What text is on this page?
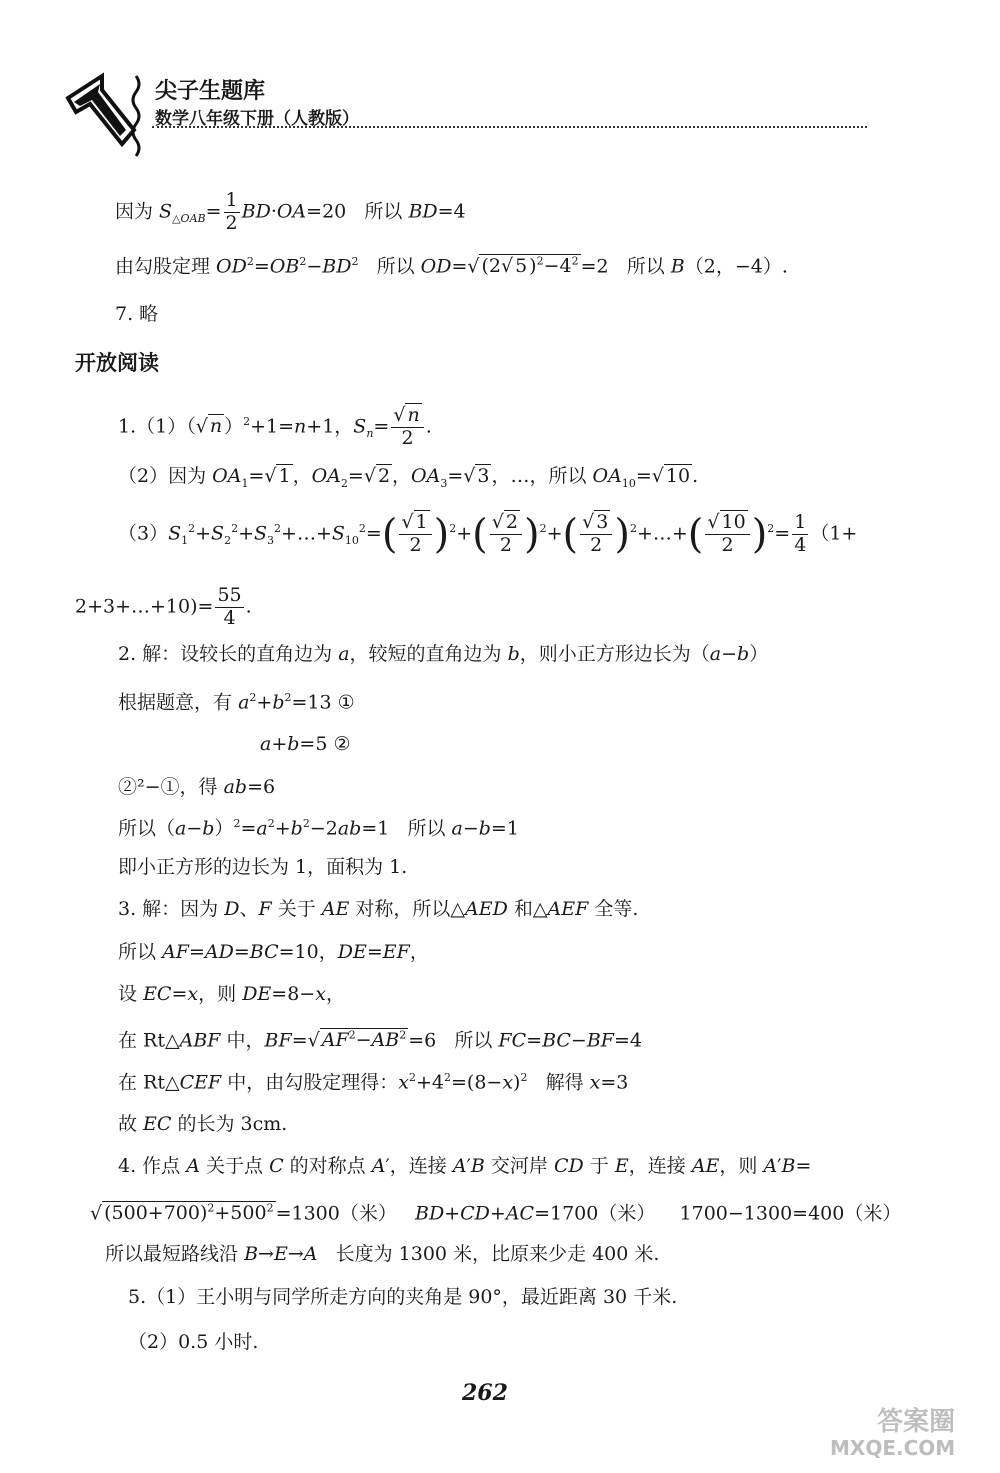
尖子生题库
数学八年级下册（人教版）
因为 $S_{\triangle OAB}= \frac{1}{2} BD\cdot OA=20$   所以 BD=4
由勾股定理 $OD^2=OB^2-BD^2$   所以 OD=√ (2√ 5 )$^2-4^2 =2$   所以 B（2，−4）.
7. 略
开放阅读
1.（1）（√ n ）$^2$+1=n+1，$S_n= \frac{√ n}{2}$ .
（2）因为 $OA_1=√$ 1 ，$OA_2=√$ 2 ，$OA_3=√$ 3 ，…，所以 $OA_{10}=√$ 10 .
$(3)S_1^2+S_2^2+S_3^2+\dots+S_{10}^2=( \frac{√ 1}{2} )^2+( \frac{√ 2}{2} )^2+( \frac{√ 3}{2}$ )$^2+\dots+( \frac{√ 10}{2} )^2= \frac{1}{4} (1+$
2+3+…+10)= $\frac{55}{4}$ .
2. 解：设较长的直角边为 a，较短的直角边为 b，则小正方形边长为（a−b）
根据题意，有 $a^2+b^2=13$ ①
a+b=5 ②
②²−①，得 ab=6
所以$(a-b)^2=a^2+b^2-2ab=1$   所以 a−b=1
即小正方形的边长为 1，面积为 1.
3. 解：因为 D、F 关于 AE 对称，所以△AED 和△AEF 全等.
所以 AF=AD=BC=10，DE=EF，
设 EC=x，则 DE=8−x，
在 Rt△ABF 中，BF=√ $AF^2-AB^2 =6$   所以 FC=BC−BF=4
在 Rt△CEF 中，由勾股定理得：$x^2+4^2=(8-x)^2$ 解得 x=3
故 EC 的长为 3cm.
4. 作点 A 关于点 C 的对称点 A′，连接 A′B 交河岸 CD 于 E，连接 AE，则 A′B=
√ $(500+700)^2+500^2 =1300$（米） BD+CD+AC=1700（米） 1700−1300=400（米）
所以最短路线沿 B→E→A 长度为 1300 米，比原来少走 400 米.
5.（1）王小明与同学所走方向的夹角是 90°，最近距离 30 千米.
（2）0.5 小时.
262
答案圈
MXQE.COM
